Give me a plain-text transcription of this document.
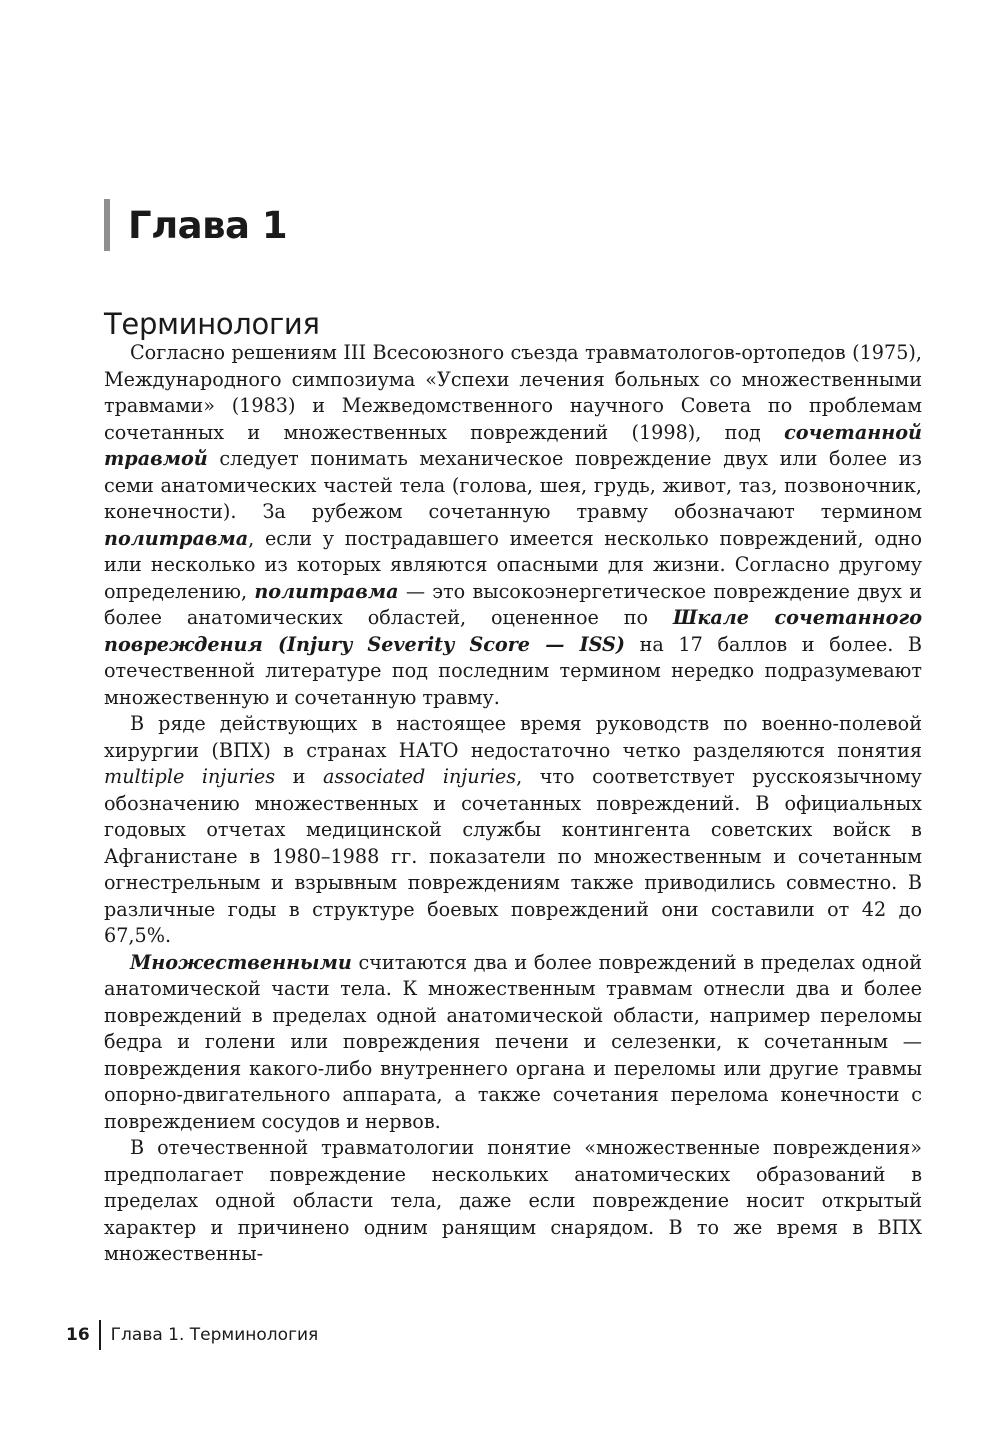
Глава 1
Терминология

Согласно решениям III Всесоюзного съезда травматологов-ортопедов (1975), Международного симпозиума «Успехи лечения больных со множественными травмами» (1983) и Межведомственного научного Совета по проблемам сочетанных и множественных повреждений (1998), под сочетанной травмой следует понимать механическое повреждение двух или более из семи анатомических частей тела (голова, шея, грудь, живот, таз, позвоночник, конечности). За рубежом сочетанную травму обозначают термином политравма, если у пострадавшего имеется несколько повреждений, одно или несколько из которых являются опасными для жизни. Согласно другому определению, политравма — это высокоэнергетическое повреждение двух и более анатомических областей, оцененное по Шкале сочетанного повреждения (Injury Severity Score — ISS) на 17 баллов и более. В отечественной литературе под последним термином нередко подразумевают множественную и сочетанную травму.

В ряде действующих в настоящее время руководств по военно-полевой хирургии (ВПХ) в странах НАТО недостаточно четко разделяются понятия multiple injuries и associated injuries, что соответствует русскоязычному обозначению множественных и сочетанных повреждений. В официальных годовых отчетах медицинской службы контингента советских войск в Афганистане в 1980–1988 гг. показатели по множественным и сочетанным огнестрельным и взрывным повреждениям также приводились совместно. В различные годы в структуре боевых повреждений они составили от 42 до 67,5%.

Множественными считаются два и более повреждений в пределах одной анатомической части тела. К множественным травмам отнесли два и более повреждений в пределах одной анатомической области, например переломы бедра и голени или повреждения печени и селезенки, к сочетанным — повреждения какого-либо внутреннего органа и переломы или другие травмы опорно-двигательного аппарата, а также сочетания перелома конечности с повреждением сосудов и нервов.

В отечественной травматологии понятие «множественные повреждения» предполагает повреждение нескольких анатомических образований в пределах одной области тела, даже если повреждение носит открытый характер и причинено одним ранящим снарядом. В то же время в ВПХ множественны-

16 Глава 1. Терминология
